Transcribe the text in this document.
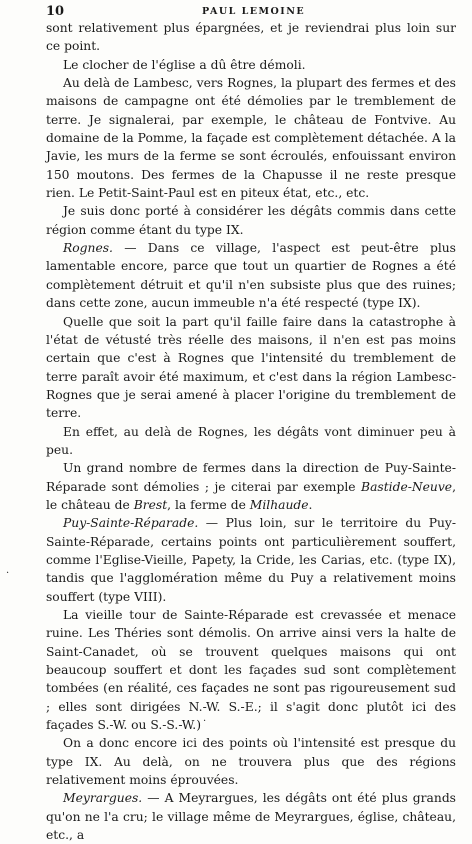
10	PAUL LEMOINE

sont relativement plus épargnées, et je reviendrai plus loin sur ce point.

Le clocher de l'église a dû être démoli.

Au delà de Lambesc, vers Rognes, la plupart des fermes et des maisons de campagne ont été démolies par le tremblement de terre. Je signalerai, par exemple, le château de Fontvive. Au domaine de la Pomme, la façade est complètement détachée. A la Javie, les murs de la ferme se sont écroulés, enfouissant environ 150 moutons. Des fermes de la Chapusse il ne reste presque rien. Le Petit-Saint-Paul est en piteux état, etc., etc.

Je suis donc porté à considérer les dégâts commis dans cette région comme étant du type IX.

Rognes. — Dans ce village, l'aspect est peut-être plus lamentable encore, parce que tout un quartier de Rognes a été complètement détruit et qu'il n'en subsiste plus que des ruines; dans cette zone, aucun immeuble n'a été respecté (type IX).

Quelle que soit la part qu'il faille faire dans la catastrophe à l'état de vétusté très réelle des maisons, il n'en est pas moins certain que c'est à Rognes que l'intensité du tremblement de terre paraît avoir été maximum, et c'est dans la région Lambesc-Rognes que je serai amené à placer l'origine du tremblement de terre.

En effet, au delà de Rognes, les dégâts vont diminuer peu à peu.

Un grand nombre de fermes dans la direction de Puy-Sainte-Réparade sont démolies ; je citerai par exemple Bastide-Neuve, le château de Brest, la ferme de Milhaude.

Puy-Sainte-Réparade. — Plus loin, sur le territoire du Puy-Sainte-Réparade, certains points ont particulièrement souffert, comme l'Eglise-Vieille, Papety, la Cride, les Carias, etc. (type IX), tandis que l'agglomération même du Puy a relativement moins souffert (type VIII).

La vieille tour de Sainte-Réparade est crevassée et menace ruine. Les Théries sont démolis. On arrive ainsi vers la halte de Saint-Canadet, où se trouvent quelques maisons qui ont beaucoup souffert et dont les façades sud sont complètement tombées (en réalité, ces façades ne sont pas rigoureusement sud ; elles sont dirigées N.-W. S.-E.; il s'agit donc plutôt ici des façades S.-W. ou S.-S.-W.)

On a donc encore ici des points où l'intensité est presque du type IX. Au delà, on ne trouvera plus que des régions relativement moins éprouvées.

Meyrargues. — A Meyrargues, les dégâts ont été plus grands qu'on ne l'a cru; le village même de Meyrargues, église, château, etc., a

·
·
